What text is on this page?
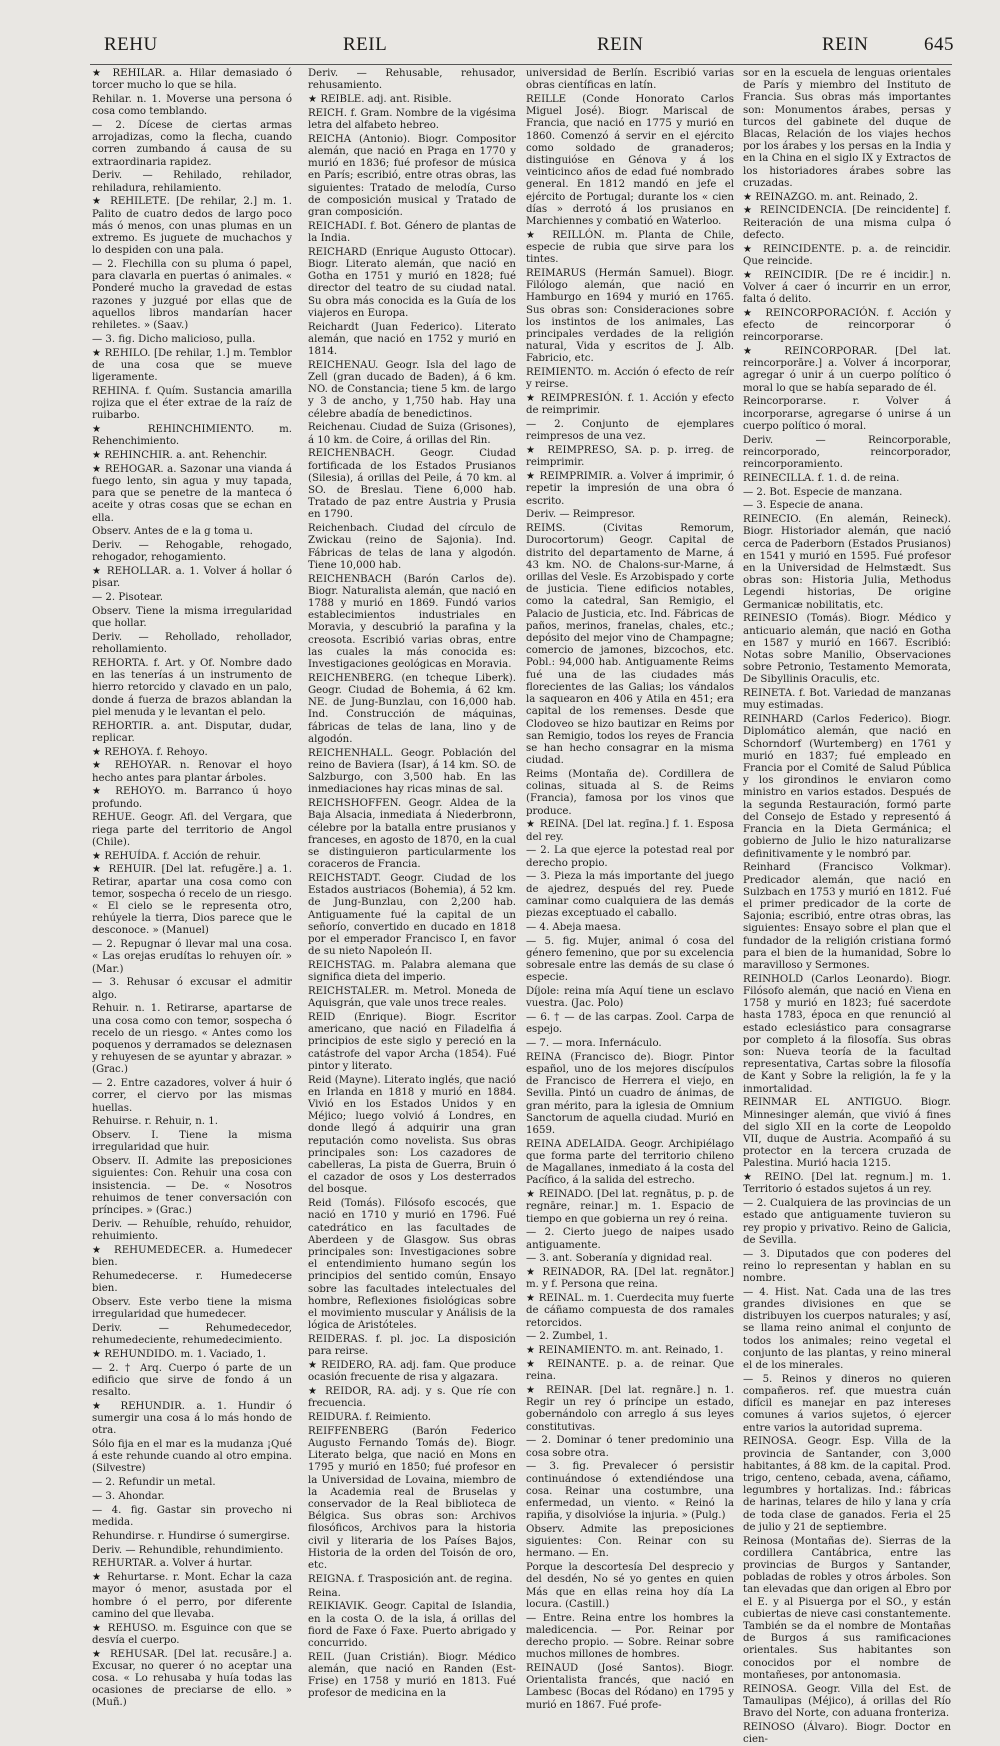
REHU	REIL	REIN	REIN	645

★ REHILAR. a. Hilar demasiado ó torcer mucho lo que se hila.

Rehilar. n. 1. Moverse una persona ó cosa como temblando.

— 2. Dícese de ciertas armas arrojadizas, como la flecha, cuando corren zumbando á causa de su extraordinaria rapidez.

Deriv. — Rehilado, rehilador, rehiladura, rehilamiento.

★ REHILETE. [De rehilar, 2.] m. 1. Palito de cuatro dedos de largo poco más ó menos, con unas plumas en un extremo. Es juguete de muchachos y lo despiden con una pala.

— 2. Flechilla con su pluma ó papel, para clavarla en puertas ó animales. « Ponderé mucho la gravedad de estas razones y juzgué por ellas que de aquellos libros mandarían hacer rehiletes. » (Saav.)

— 3. fig. Dicho malicioso, pulla.

★ REHILO. [De rehilar, 1.] m. Temblor de una cosa que se mueve ligeramente.

REHINA. f. Quím. Sustancia amarilla rojiza que el éter extrae de la raíz de ruibarbo.

★ REHINCHIMIENTO. m. Rehenchimiento.

★ REHINCHIR. a. ant. Rehenchir.

★ REHOGAR. a. Sazonar una vianda á fuego lento, sin agua y muy tapada, para que se penetre de la manteca ó aceite y otras cosas que se echan en ella.

Observ. Antes de e la g toma u.

Deriv. — Rehogable, rehogado, rehogador, rehogamiento.

★ REHOLLAR. a. 1. Volver á hollar ó pisar.

— 2. Pisotear.

Observ. Tiene la misma irregularidad que hollar.

Deriv. — Rehollado, rehollador, rehollamiento.

REHORTA. f. Art. y Of. Nombre dado en las tenerías á un instrumento de hierro retorcido y clavado en un palo, donde á fuerza de brazos ablandan la piel menuda y le levantan el pelo.

REHORTIR. a. ant. Disputar, dudar, replicar.

★ REHOYA. f. Rehoyo.

★ REHOYAR. n. Renovar el hoyo hecho antes para plantar árboles.

★ REHOYO. m. Barranco ú hoyo profundo.

REHUE. Geogr. Afl. del Vergara, que riega parte del territorio de Angol (Chile).

★ REHUÍDA. f. Acción de rehuir.

★ REHUIR. [Del lat. refugĕre.] a. 1. Retirar, apartar una cosa como con temor, sospecha ó recelo de un riesgo. « El cielo se le representa otro, rehúyele la tierra, Dios parece que le desconoce. » (Manuel)

— 2. Repugnar ó llevar mal una cosa. « Las orejas erudítas lo rehuyen oír. » (Mar.)

— 3. Rehusar ó excusar el admitir algo.

Rehuir. n. 1. Retirarse, apartarse de una cosa como con temor, sospecha ó recelo de un riesgo. « Antes como los poquenos y derramados se deleznasen y rehuyesen de se ayuntar y abrazar. » (Grac.)

— 2. Entre cazadores, volver á huir ó correr, el ciervo por las mismas huellas.

Rehuirse. r. Rehuir, n. 1.

Observ. I. Tiene la misma irregularidad que huir.

Observ. II. Admite las preposiciones siguientes: Con. Rehuir una cosa con insistencia. — De. « Nosotros rehuimos de tener conversación con príncipes. » (Grac.)

Deriv. — Rehuíble, rehuído, rehuidor, rehuimiento.

★ REHUMEDECER. a. Humedecer bien.

Rehumedecerse. r. Humedecerse bien.

Observ. Este verbo tiene la misma irregularidad que humedecer.

Deriv. — Rehumedecedor, rehumedeciente, rehumedecimiento.

★ REHUNDIDO. m. 1. Vaciado, 1.

— 2. † Arq. Cuerpo ó parte de un edificio que sirve de fondo á un resalto.

★ REHUNDIR. a. 1. Hundir ó sumergir una cosa á lo más hondo de otra.

Sólo fija en el mar es la mudanza ¡Qué á este rehunde cuando al otro empina. (Silvestre)

— 2. Refundir un metal.

— 3. Ahondar.

— 4. fig. Gastar sin provecho ni medida.

Rehundirse. r. Hundirse ó sumergirse.

Deriv. — Rehundible, rehundimiento.

REHURTAR. a. Volver á hurtar.

★ Rehurtarse. r. Mont. Echar la caza mayor ó menor, asustada por el hombre ó el perro, por diferente camino del que llevaba.

★ REHUSO. m. Esguince con que se desvía el cuerpo.

★ REHUSAR. [Del lat. recusāre.] a. Excusar, no querer ó no aceptar una cosa. « Lo rehusaba y huía todas las ocasiones de preciarse de ello. » (Muñ.)

Deriv. — Rehusable, rehusador, rehusamiento.

★ REIBLE. adj. ant. Risible.

REICH. f. Gram. Nombre de la vigésima letra del alfabeto hebreo.

REICHA (Antonio). Biogr. Compositor alemán, que nació en Praga en 1770 y murió en 1836; fué profesor de música en París; escribió, entre otras obras, las siguientes: Tratado de melodía, Curso de composición musical y Tratado de gran composición.

REICHADI. f. Bot. Género de plantas de la India.

REICHARD (Enrique Augusto Ottocar). Biogr. Literato alemán, que nació en Gotha en 1751 y murió en 1828; fué director del teatro de su ciudad natal. Su obra más conocida es la Guía de los viajeros en Europa.

Reichardt (Juan Federico). Literato alemán, que nació en 1752 y murió en 1814.

REICHENAU. Geogr. Isla del lago de Zell (gran ducado de Baden), á 6 km. NO. de Constancia; tiene 5 km. de largo y 3 de ancho, y 1,750 hab. Hay una célebre abadía de benedictinos.

Reichenau. Ciudad de Suiza (Grisones), á 10 km. de Coire, á orillas del Rin.

REICHENBACH. Geogr. Ciudad fortificada de los Estados Prusianos (Silesia), á orillas del Peile, á 70 km. al SO. de Breslau. Tiene 6,000 hab. Tratado de paz entre Austria y Prusia en 1790.

Reichenbach. Ciudad del círculo de Zwickau (reino de Sajonia). Ind. Fábricas de telas de lana y algodón. Tiene 10,000 hab.

REICHENBACH (Barón Carlos de). Biogr. Naturalista alemán, que nació en 1788 y murió en 1869. Fundó varios establecimientos industriales en Moravia, y descubrió la parafina y la creosota. Escribió varias obras, entre las cuales la más conocida es: Investigaciones geológicas en Moravia.

REICHENBERG. (en tcheque Liberk). Geogr. Ciudad de Bohemia, á 62 km. NE. de Jung-Bunzlau, con 16,000 hab. Ind. Construcción de máquinas, fábricas de telas de lana, lino y de algodón.

REICHENHALL. Geogr. Población del reino de Baviera (Isar), á 14 km. SO. de Salzburgo, con 3,500 hab. En las inmediaciones hay ricas minas de sal.

REICHSHOFFEN. Geogr. Aldea de la Baja Alsacia, inmediata á Niederbronn, célebre por la batalla entre prusianos y franceses, en agosto de 1870, en la cual se distinguieron particularmente los coraceros de Francia.

REICHSTADT. Geogr. Ciudad de los Estados austriacos (Bohemia), á 52 km. de Jung-Bunzlau, con 2,200 hab. Antiguamente fué la capital de un señorío, convertido en ducado en 1818 por el emperador Francisco I, en favor de su nieto Napoleón II.

REICHSTAG. m. Palabra alemana que significa dieta del imperio.

REICHSTALER. m. Metrol. Moneda de Aquisgrán, que vale unos trece reales.

REID (Enrique). Biogr. Escritor americano, que nació en Filadelfia á principios de este siglo y pereció en la catástrofe del vapor Archa (1854). Fué pintor y literato.

Reid (Mayne). Literato inglés, que nació en Irlanda en 1818 y murió en 1884. Vivió en los Estados Unidos y en Méjico; luego volvió á Londres, en donde llegó á adquirir una gran reputación como novelista. Sus obras principales son: Los cazadores de cabelleras, La pista de Guerra, Bruin ó el cazador de osos y Los desterrados del bosque.

Reid (Tomás). Filósofo escocés, que nació en 1710 y murió en 1796. Fué catedrático en las facultades de Aberdeen y de Glasgow. Sus obras principales son: Investigaciones sobre el entendimiento humano según los principios del sentido común, Ensayo sobre las facultades intelectuales del hombre, Reflexiones fisiológicas sobre el movimiento muscular y Análisis de la lógica de Aristóteles.

REIDERAS. f. pl. joc. La disposición para reirse.

★ REIDERO, RA. adj. fam. Que produce ocasión frecuente de risa y algazara.

★ REIDOR, RA. adj. y s. Que ríe con frecuencia.

REIDURA. f. Reimiento.

REIFFENBERG (Barón Federico Augusto Fernando Tomás de). Biogr. Literato belga, que nació en Mons en 1795 y murió en 1850; fué profesor en la Universidad de Lovaina, miembro de la Academia real de Bruselas y conservador de la Real biblioteca de Bélgica. Sus obras son: Archivos filosóficos, Archivos para la historia civil y literaria de los Países Bajos, Historia de la orden del Toisón de oro, etc.

REIGNA. f. Trasposición ant. de regina.

Reina.

REIKIAVIK. Geogr. Capital de Islandia, en la costa O. de la isla, á orillas del fiord de Faxe ó Faxe. Puerto abrigado y concurrido.

REIL (Juan Cristián). Biogr. Médico alemán, que nació en Randen (Est-Frise) en 1758 y murió en 1813. Fué profesor de medicina en la

universidad de Berlín. Escribió varias obras científicas en latín.

REILLE (Conde Honorato Carlos Miguel José). Biogr. Mariscal de Francia, que nació en 1775 y murió en 1860. Comenzó á servir en el ejército como soldado de granaderos; distinguióse en Génova y á los veinticinco años de edad fué nombrado general. En 1812 mandó en jefe el ejército de Portugal; durante los « cien días » derrotó á los prusianos en Marchiennes y combatió en Waterloo.

★ REILLÓN. m. Planta de Chile, especie de rubia que sirve para los tintes.

REIMARUS (Hermán Samuel). Biogr. Filólogo alemán, que nació en Hamburgo en 1694 y murió en 1765. Sus obras son: Consideraciones sobre los instintos de los animales, Las principales verdades de la religión natural, Vida y escritos de J. Alb. Fabricio, etc.

REIMIENTO. m. Acción ó efecto de reír y reirse.

★ REIMPRESIÓN. f. 1. Acción y efecto de reimprimir.

— 2. Conjunto de ejemplares reimpresos de una vez.

★ REIMPRESO, SA. p. p. irreg. de reimprimir.

★ REIMPRIMIR. a. Volver á imprimir, ó repetir la impresión de una obra ó escrito.

Deriv. — Reimpresor.

REIMS. (Civitas Remorum, Durocortorum) Geogr. Capital de distrito del departamento de Marne, á 43 km. NO. de Chalons-sur-Marne, á orillas del Vesle. Es Arzobispado y corte de justicia. Tiene edificios notables, como la catedral, San Remigio, el Palacio de Justicia, etc. Ind. Fábricas de paños, merinos, franelas, chales, etc.; depósito del mejor vino de Champagne; comercio de jamones, bizcochos, etc. Pobl.: 94,000 hab. Antiguamente Reims fué una de las ciudades más florecientes de las Galias; los vándalos la saquearon en 406 y Atila en 451; era capital de los remenses. Desde que Clodoveo se hizo bautizar en Reims por san Remigio, todos los reyes de Francia se han hecho consagrar en la misma ciudad.

Reims (Montaña de). Cordillera de colinas, situada al S. de Reims (Francia), famosa por los vinos que produce.

★ REINA. [Del lat. regīna.] f. 1. Esposa del rey.

— 2. La que ejerce la potestad real por derecho propio.

— 3. Pieza la más importante del juego de ajedrez, después del rey. Puede caminar como cualquiera de las demás piezas exceptuado el caballo.

— 4. Abeja maesa.

— 5. fig. Mujer, animal ó cosa del género femenino, que por su excelencia sobresale entre las demás de su clase ó especie.

Díjole: reina mía Aquí tiene un esclavo vuestra. (Jac. Polo)

— 6. † — de las carpas. Zool. Carpa de espejo.

— 7. — mora. Infernáculo.

REINA (Francisco de). Biogr. Pintor español, uno de los mejores discípulos de Francisco de Herrera el viejo, en Sevilla. Pintó un cuadro de ánimas, de gran mérito, para la iglesia de Omnium Sanctorum de aquella ciudad. Murió en 1659.

REINA ADELAIDA. Geogr. Archipiélago que forma parte del territorio chileno de Magallanes, inmediato á la costa del Pacífico, á la salida del estrecho.

★ REINADO. [Del lat. regnātus, p. p. de regnāre, reinar.] m. 1. Espacio de tiempo en que gobierna un rey ó reina.

— 2. Cierto juego de naipes usado antiguamente.

— 3. ant. Soberanía y dignidad real.

★ REINADOR, RA. [Del lat. regnātor.] m. y f. Persona que reina.

★ REINAL. m. 1. Cuerdecita muy fuerte de cáñamo compuesta de dos ramales retorcidos.

— 2. Zumbel, 1.

★ REINAMIENTO. m. ant. Reinado, 1.

★ REINANTE. p. a. de reinar. Que reina.

★ REINAR. [Del lat. regnāre.] n. 1. Regir un rey ó príncipe un estado, gobernándolo con arreglo á sus leyes constitutivas.

— 2. Dominar ó tener predominio una cosa sobre otra.

— 3. fig. Prevalecer ó persistir continuándose ó extendiéndose una cosa. Reinar una costumbre, una enfermedad, un viento. « Reinó la rapiña, y disolvióse la injuria. » (Pulg.)

Observ. Admite las preposiciones siguientes: Con. Reinar con su hermano. — En.

Porque la descortesía Del desprecio y del desdén, No sé yo gentes en quien Más que en ellas reina hoy día La locura. (Castill.)

— Entre. Reina entre los hombres la maledicencia. — Por. Reinar por derecho propio. — Sobre. Reinar sobre muchos millones de hombres.

REINAUD (José Santos). Biogr. Orientalista francés, que nació en Lambesc (Bocas del Ródano) en 1795 y murió en 1867. Fué profe-

sor en la escuela de lenguas orientales de París y miembro del Instituto de Francia. Sus obras más importantes son: Monumentos árabes, persas y turcos del gabinete del duque de Blacas, Relación de los viajes hechos por los árabes y los persas en la India y en la China en el siglo IX y Extractos de los historiadores árabes sobre las cruzadas.

★ REINAZGO. m. ant. Reinado, 2.

★ REINCIDENCIA. [De reincidente] f. Reiteración de una misma culpa ó defecto.

★ REINCIDENTE. p. a. de reincidir. Que reincide.

★ REINCIDIR. [De re é incidir.] n. Volver á caer ó incurrir en un error, falta ó delito.

★ REINCORPORACIÓN. f. Acción y efecto de reincorporar ó reincorporarse.

★ REINCORPORAR. [Del lat. reincorporāre.] a. Volver á incorporar, agregar ó unir á un cuerpo político ó moral lo que se había separado de él.

Reincorporarse. r. Volver á incorporarse, agregarse ó unirse á un cuerpo político ó moral.

Deriv. — Reincorporable, reincorporado, reincorporador, reincorporamiento.

REINECILLA. f. 1. d. de reina.

— 2. Bot. Especie de manzana.

— 3. Especie de anana.

REINECIO. (En alemán, Reineck). Biogr. Historiador alemán, que nació cerca de Paderborn (Estados Prusianos) en 1541 y murió en 1595. Fué profesor en la Universidad de Helmstædt. Sus obras son: Historia Julia, Methodus Legendi historias, De origine Germanicæ nobilitatis, etc.

REINESIO (Tomás). Biogr. Médico y anticuario alemán, que nació en Gotha en 1587 y murió en 1667. Escribió: Notas sobre Manilio, Observaciones sobre Petronio, Testamento Memorata, De Sibyllinis Oraculis, etc.

REINETA. f. Bot. Variedad de manzanas muy estimadas.

REINHARD (Carlos Federico). Biogr. Diplomático alemán, que nació en Schorndorf (Wurtemberg) en 1761 y murió en 1837; fué empleado en Francia por el Comité de Salud Pública y los girondinos le enviaron como ministro en varios estados. Después de la segunda Restauración, formó parte del Consejo de Estado y representó á Francia en la Dieta Germánica; el gobierno de Julio le hizo naturalizarse definitivamente y le nombró par.

Reinhard (Francisco Volkmar). Predicador alemán, que nació en Sulzbach en 1753 y murió en 1812. Fué el primer predicador de la corte de Sajonia; escribió, entre otras obras, las siguientes: Ensayo sobre el plan que el fundador de la religión cristiana formó para el bien de la humanidad, Sobre lo maravilloso y Sermones.

REINHOLD (Carlos Leonardo). Biogr. Filósofo alemán, que nació en Viena en 1758 y murió en 1823; fué sacerdote hasta 1783, época en que renunció al estado eclesiástico para consagrarse por completo á la filosofía. Sus obras son: Nueva teoría de la facultad representativa, Cartas sobre la filosofía de Kant y Sobre la religión, la fe y la inmortalidad.

REINMAR EL ANTIGUO. Biogr. Minnesinger alemán, que vivió á fines del siglo XII en la corte de Leopoldo VII, duque de Austria. Acompañó á su protector en la tercera cruzada de Palestina. Murió hacia 1215.

★ REINO. [Del lat. regnum.] m. 1. Territorio ó estados sujetos á un rey.

— 2. Cualquiera de las provincias de un estado que antiguamente tuvieron su rey propio y privativo. Reino de Galicia, de Sevilla.

— 3. Diputados que con poderes del reino lo representan y hablan en su nombre.

— 4. Hist. Nat. Cada una de las tres grandes divisiones en que se distribuyen los cuerpos naturales; y así, se llama reino animal el conjunto de todos los animales; reino vegetal el conjunto de las plantas, y reino mineral el de los minerales.

— 5. Reinos y dineros no quieren compañeros. ref. que muestra cuán difícil es manejar en paz intereses comunes á varios sujetos, ó ejercer entre varios la autoridad suprema.

REINOSA. Geogr. Esp. Villa de la provincia de Santander, con 3,000 habitantes, á 88 km. de la capital. Prod. trigo, centeno, cebada, avena, cáñamo, legumbres y hortalizas. Ind.: fábricas de harinas, telares de hilo y lana y cría de toda clase de ganados. Feria el 25 de julio y 21 de septiembre.

Reinosa (Montañas de). Sierras de la cordillera Cantábrica, entre las provincias de Burgos y Santander, pobladas de robles y otros árboles. Son tan elevadas que dan origen al Ebro por el E. y al Pisuerga por el SO., y están cubiertas de nieve casi constantemente. También se da el nombre de Montañas de Burgos á sus ramificaciones orientales. Sus habitantes son conocidos por el nombre de montañeses, por antonomasia.

REINOSA. Geogr. Villa del Est. de Tamaulipas (Méjico), á orillas del Río Bravo del Norte, con aduana fronteriza.

REINOSO (Álvaro). Biogr. Doctor en cien-
